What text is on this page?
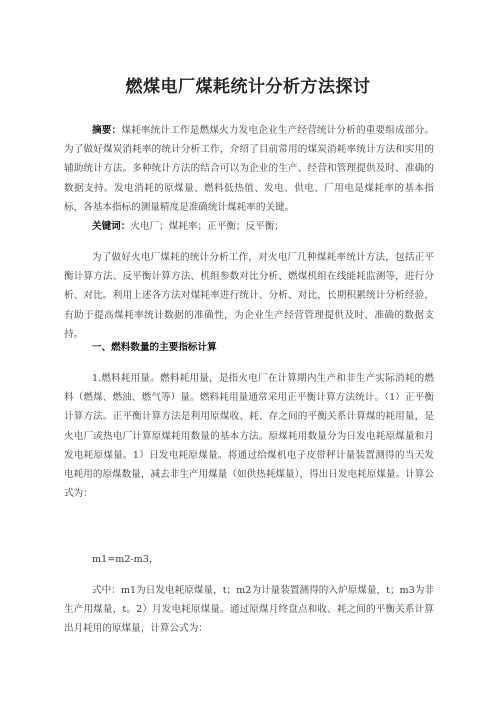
燃煤电厂煤耗统计分析方法探讨

摘要：煤耗率统计工作是燃煤火力发电企业生产经营统计分析的重要组成部分。为了做好煤炭消耗率的统计分析工作，介绍了目前常用的煤炭消耗率统计方法和实用的辅助统计方法。多种统计方法的结合可以为企业的生产、经营和管理提供及时、准确的数据支持。发电消耗的原煤量、燃料低热值、发电、供电、厂用电是煤耗率的基本指标，各基本指标的测量精度是准确统计煤耗率的关键。

关键词：火电厂；煤耗率；正平衡；反平衡；

为了做好火电厂煤耗的统计分析工作，对火电厂几种煤耗率统计方法，包括正平衡计算方法、反平衡计算方法、机组参数对比分析、燃煤机组在线能耗监测等，进行分析、对比。利用上述各方法对煤耗率进行统计、分析、对比，长期积累统计分析经验，有助于提高煤耗率统计数据的准确性，为企业生产经营管理提供及时、准确的数据支持。

一、燃料数量的主要指标计算

1.燃料耗用量。燃料耗用量，是指火电厂在计算期内生产和非生产实际消耗的燃料（燃煤、燃油、燃气等）量。燃料耗用量通常采用正平衡计算方法统计。（1）正平衡计算方法。正平衡计算方法是利用原煤收、耗、存之间的平衡关系计算煤的耗用量，是火电厂或热电厂计算原煤耗用数量的基本方法。原煤耗用数量分为日发电耗原煤量和月发电耗原煤量。1）日发电耗原煤量。将通过给煤机电子皮带秤计量装置测得的当天发电耗用的原煤数量，减去非生产用煤量（如供热耗煤量），得出日发电耗原煤量。计算公式为：

m1=m2-m3，

式中：m1为日发电耗原煤量，t；m2为计量装置测得的入炉原煤量，t；m3为非生产用煤量，t。2）月发电耗原煤量。通过原煤月终盘点和收、耗之间的平衡关系计算出月耗用的原煤量，计算公式为：
